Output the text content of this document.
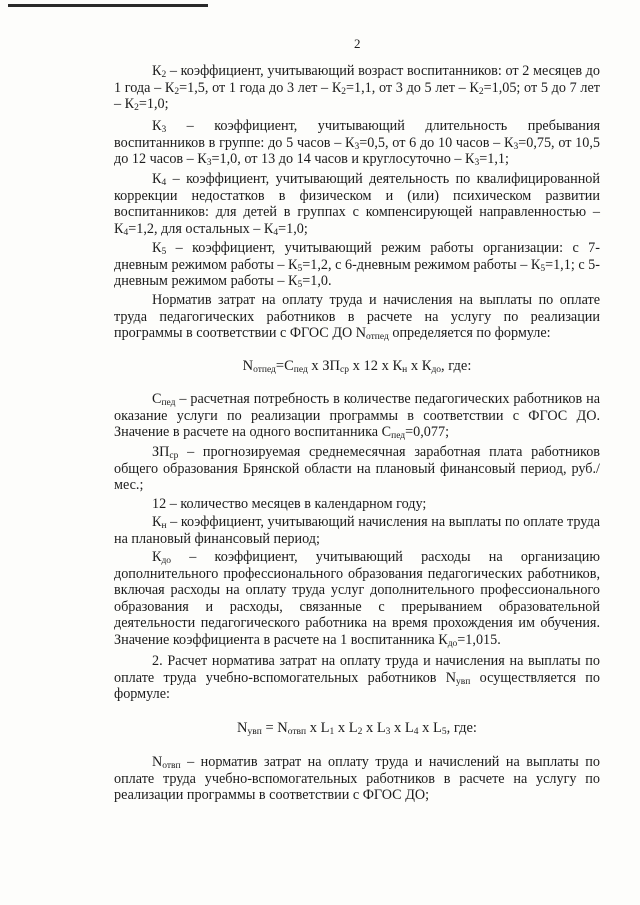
2

$К_2$ – коэффициент, учитывающий возраст воспитанников: от 2 месяцев до 1 года – $К_2=1,5$, от 1 года до 3 лет – $К_2=1,1$, от 3 до 5 лет – $К_2=1,05$; от 5 до 7 лет – $К_2=1,0$;

$К_3$ – коэффициент, учитывающий длительность пребывания воспитанников в группе: до 5 часов – $К_3=0,5$, от 6 до 10 часов – $К_3=0,75$, от 10,5 до 12 часов – $К_3=1,0$, от 13 до 14 часов и круглосуточно – $К_3=1,1$;

$К_4$ – коэффициент, учитывающий деятельность по квалифицированной коррекции недостатков в физическом и (или) психическом развитии воспитанников: для детей в группах с компенсирующей направленностью – $К_4=1,2$, для остальных – $К_4=1,0$;

$К_5$ – коэффициент, учитывающий режим работы организации: с 7-дневным режимом работы – $К_5=1,2$, с 6-дневным режимом работы – $К_5=1,1$; с 5-дневным режимом работы – $К_5=1,0$.

Норматив затрат на оплату труда и начисления на выплаты по оплате труда педагогических работников в расчете на услугу по реализации программы в соответствии с ФГОС ДО $N_{отпед}$ определяется по формуле:

$N_{отпед}=С_{пед}$ х $ЗП_{ср}$ х 12 х $К_н$ х $К_{до}$, где:

$С_{пед}$ – расчетная потребность в количестве педагогических работников на оказание услуги по реализации программы в соответствии с ФГОС ДО. Значение в расчете на одного воспитанника $С_{пед}=0,077$;

$ЗП_{ср}$ – прогнозируемая среднемесячная заработная плата работников общего образования Брянской области на плановый финансовый период, руб./мес.;

12 – количество месяцев в календарном году;

$К_н$ – коэффициент, учитывающий начисления на выплаты по оплате труда на плановый финансовый период;

$К_{до}$ – коэффициент, учитывающий расходы на организацию дополнительного профессионального образования педагогических работников, включая расходы на оплату труда услуг дополнительного профессионального образования и расходы, связанные с прерыванием образовательной деятельности педагогического работника на время прохождения им обучения. Значение коэффициента в расчете на 1 воспитанника $К_{до}=1,015$.

2. Расчет норматива затрат на оплату труда и начисления на выплаты по оплате труда учебно-вспомогательных работников $N_{увп}$ осуществляется по формуле:

$N_{увп} = N_{отвп}$ х $L_1$ х $L_2$ х $L_3$ х $L_4$ х $L_5$, где:

$N_{отвп}$ – норматив затрат на оплату труда и начислений на выплаты по оплате труда учебно-вспомогательных работников в расчете на услугу по реализации программы в соответствии с ФГОС ДО;
